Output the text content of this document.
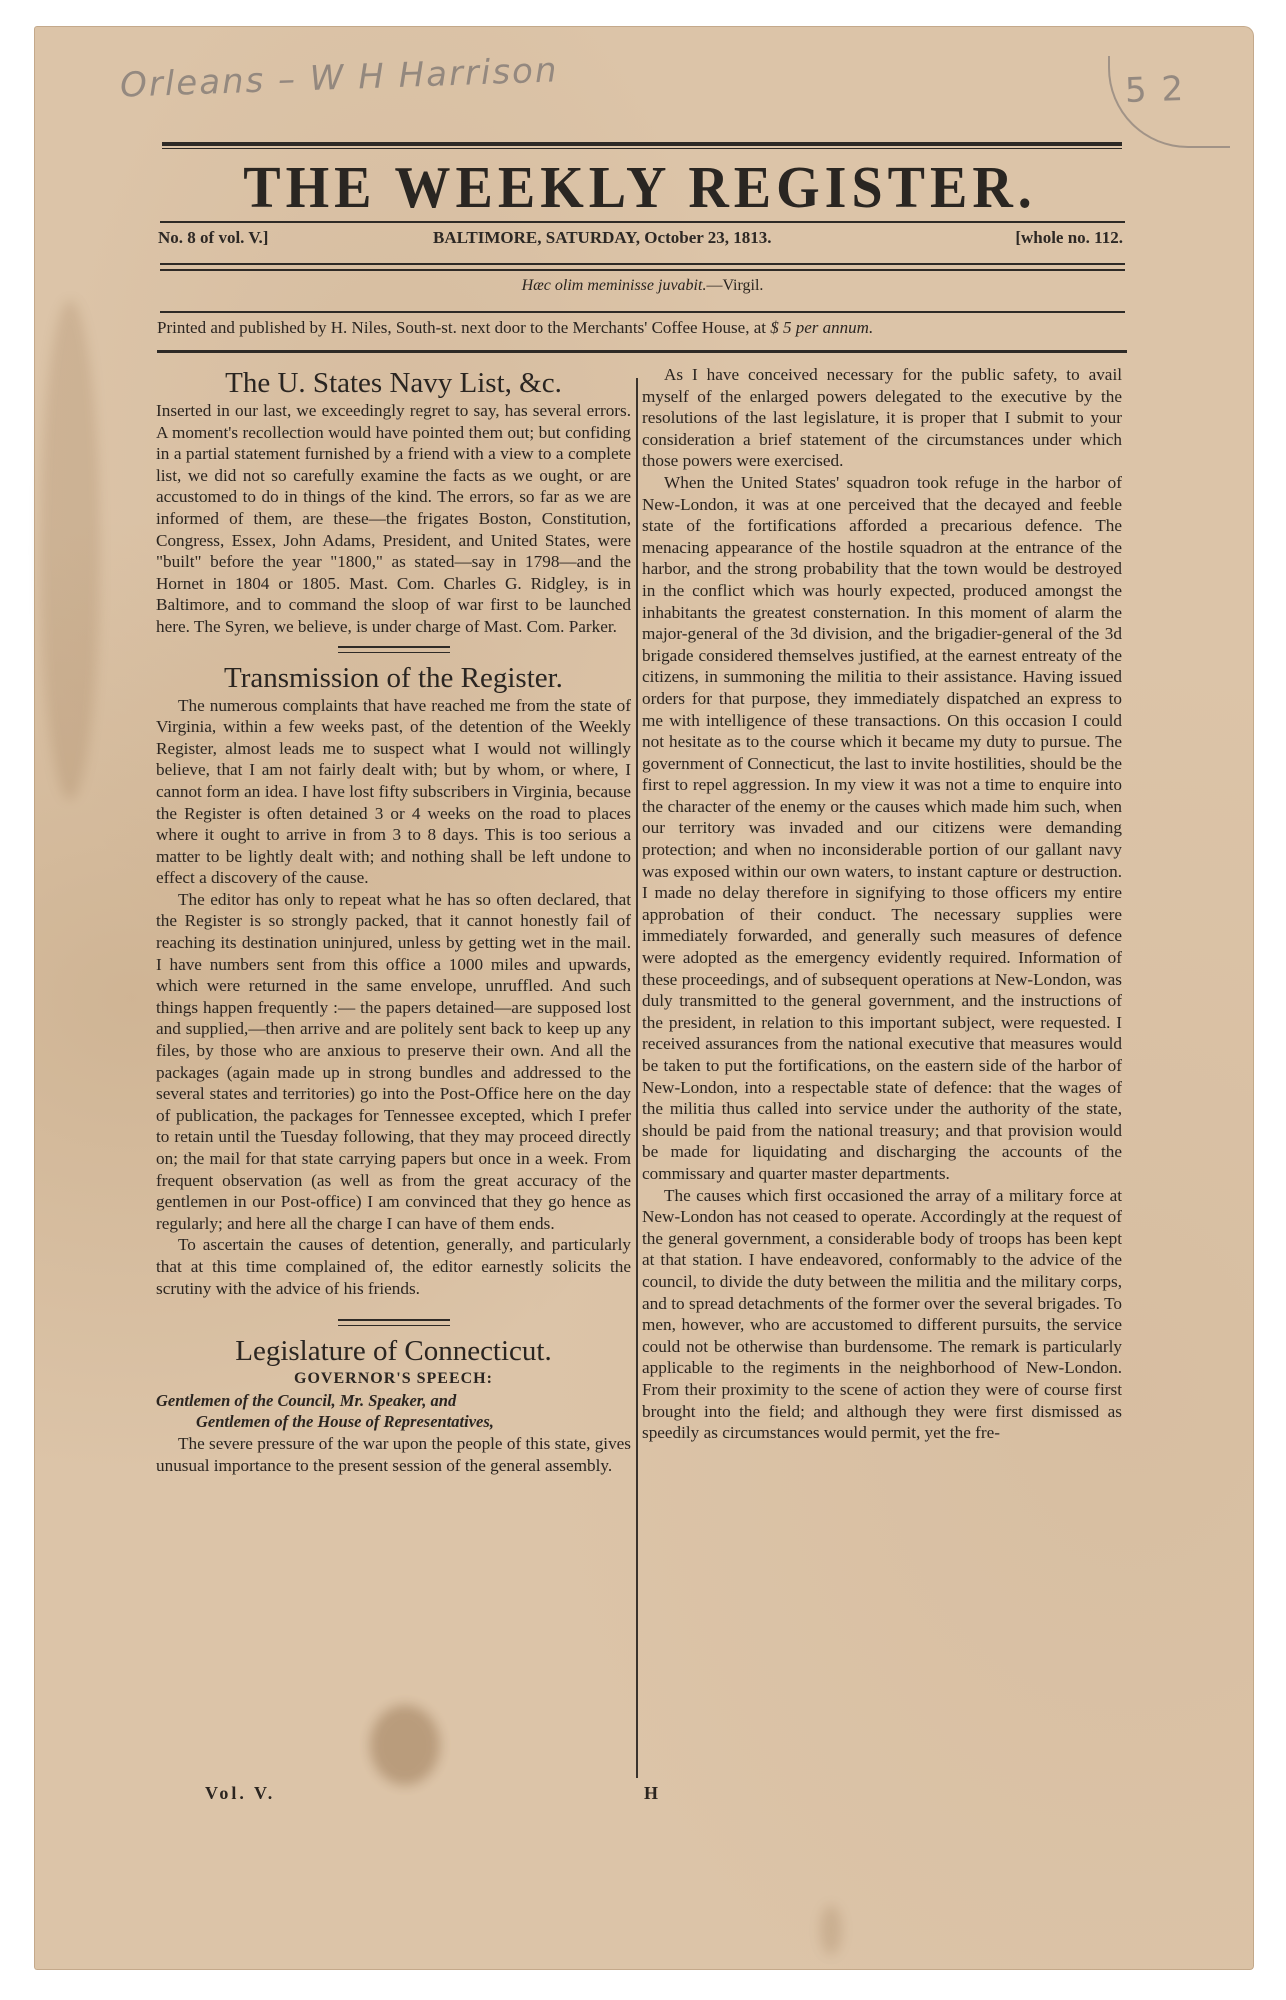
Orleans – W H Harrison	5 2
THE WEEKLY REGISTER.
No. 8 of vol. V.]	BALTIMORE, SATURDAY, October 23, 1813.	[whole no. 112.
Hæc olim meminisse juvabit.—Virgil.
Printed and published by H. Niles, South-st. next door to the Merchants' Coffee House, at $ 5 per annum.
The U. States Navy List, &c.

Inserted in our last, we exceedingly regret to say, has several errors. A moment's recollection would have pointed them out; but confiding in a partial statement furnished by a friend with a view to a complete list, we did not so carefully examine the facts as we ought, or are accustomed to do in things of the kind. The errors, so far as we are informed of them, are these—the frigates Boston, Constitution, Congress, Essex, John Adams, President, and United States, were "built" before the year "1800," as stated—say in 1798—and the Hornet in 1804 or 1805. Mast. Com. Charles G. Ridgley, is in Baltimore, and to command the sloop of war first to be launched here. The Syren, we believe, is under charge of Mast. Com. Parker.

Transmission of the Register.

The numerous complaints that have reached me from the state of Virginia, within a few weeks past, of the detention of the Weekly Register, almost leads me to suspect what I would not willingly believe, that I am not fairly dealt with; but by whom, or where, I cannot form an idea. I have lost fifty subscribers in Virginia, because the Register is often detained 3 or 4 weeks on the road to places where it ought to arrive in from 3 to 8 days. This is too serious a matter to be lightly dealt with; and nothing shall be left undone to effect a discovery of the cause.

The editor has only to repeat what he has so often declared, that the Register is so strongly packed, that it cannot honestly fail of reaching its destination uninjured, unless by getting wet in the mail. I have numbers sent from this office a 1000 miles and upwards, which were returned in the same envelope, unruffled. And such things happen frequently :— the papers detained—are supposed lost and supplied,—then arrive and are politely sent back to keep up any files, by those who are anxious to preserve their own. And all the packages (again made up in strong bundles and addressed to the several states and territories) go into the Post-Office here on the day of publication, the packages for Tennessee excepted, which I prefer to retain until the Tuesday following, that they may proceed directly on; the mail for that state carrying papers but once in a week. From frequent observation (as well as from the great accuracy of the gentlemen in our Post-office) I am convinced that they go hence as regularly; and here all the charge I can have of them ends.

To ascertain the causes of detention, generally, and particularly that at this time complained of, the editor earnestly solicits the scrutiny with the advice of his friends.

Legislature of Connecticut.
GOVERNOR'S SPEECH:
Gentlemen of the Council, Mr. Speaker, and
Gentlemen of the House of Representatives,

The severe pressure of the war upon the people of this state, gives unusual importance to the present session of the general assembly.

As I have conceived necessary for the public safety, to avail myself of the enlarged powers delegated to the executive by the resolutions of the last legislature, it is proper that I submit to your consideration a brief statement of the circumstances under which those powers were exercised.

When the United States' squadron took refuge in the harbor of New-London, it was at one perceived that the decayed and feeble state of the fortifications afforded a precarious defence. The menacing appearance of the hostile squadron at the entrance of the harbor, and the strong probability that the town would be destroyed in the conflict which was hourly expected, produced amongst the inhabitants the greatest consternation. In this moment of alarm the major-general of the 3d division, and the brigadier-general of the 3d brigade considered themselves justified, at the earnest entreaty of the citizens, in summoning the militia to their assistance. Having issued orders for that purpose, they immediately dispatched an express to me with intelligence of these transactions. On this occasion I could not hesitate as to the course which it became my duty to pursue. The government of Connecticut, the last to invite hostilities, should be the first to repel aggression. In my view it was not a time to enquire into the character of the enemy or the causes which made him such, when our territory was invaded and our citizens were demanding protection; and when no inconsiderable portion of our gallant navy was exposed within our own waters, to instant capture or destruction. I made no delay therefore in signifying to those officers my entire approbation of their conduct. The necessary supplies were immediately forwarded, and generally such measures of defence were adopted as the emergency evidently required. Information of these proceedings, and of subsequent operations at New-London, was duly transmitted to the general government, and the instructions of the president, in relation to this important subject, were requested. I received assurances from the national executive that measures would be taken to put the fortifications, on the eastern side of the harbor of New-London, into a respectable state of defence: that the wages of the militia thus called into service under the authority of the state, should be paid from the national treasury; and that provision would be made for liquidating and discharging the accounts of the commissary and quarter master departments.

The causes which first occasioned the array of a military force at New-London has not ceased to operate. Accordingly at the request of the general government, a considerable body of troops has been kept at that station. I have endeavored, conformably to the advice of the council, to divide the duty between the militia and the military corps, and to spread detachments of the former over the several brigades. To men, however, who are accustomed to different pursuits, the service could not be otherwise than burdensome. The remark is particularly applicable to the regiments in the neighborhood of New-London. From their proximity to the scene of action they were of course first brought into the field; and although they were first dismissed as speedily as circumstances would permit, yet the fre-

Vol. V.	H
